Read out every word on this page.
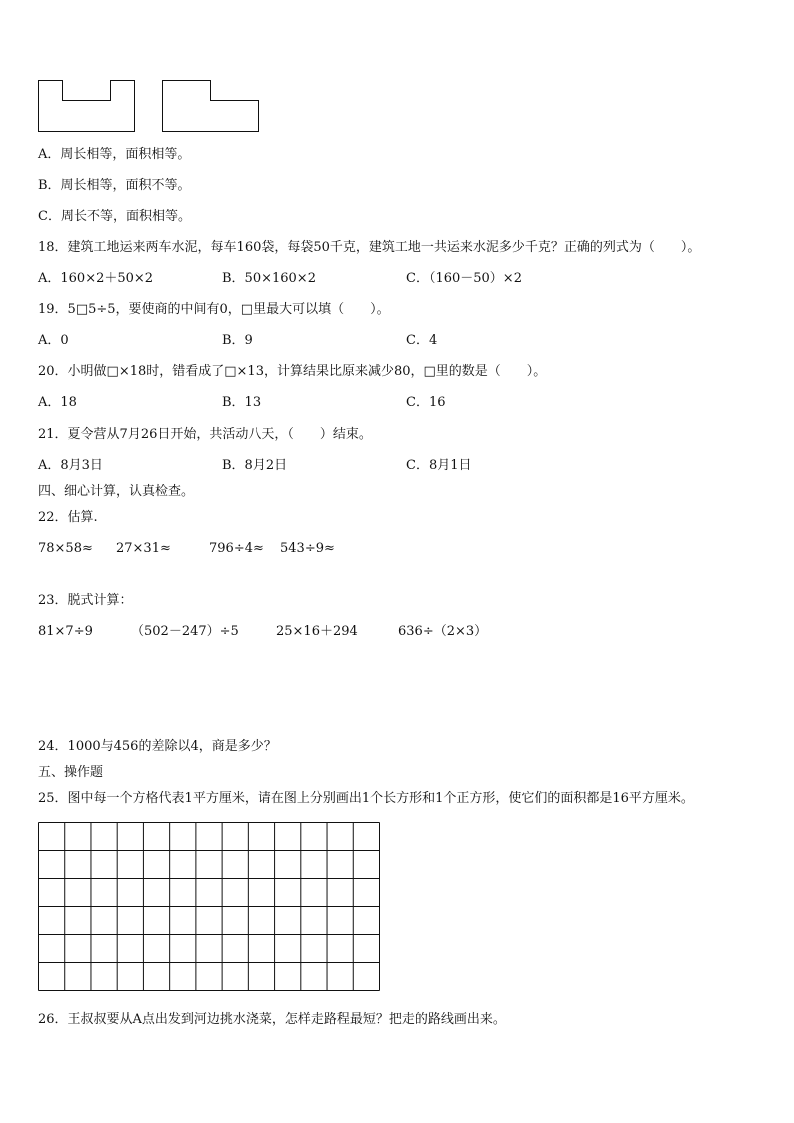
A．周长相等，面积相等。
B．周长相等，面积不等。
C．周长不等，面积相等。
18．建筑工地运来两车水泥，每车160袋，每袋50千克，建筑工地一共运来水泥多少千克？正确的列式为（　　）。
A．160×2＋50×2	B．50×160×2	C．（160－50）×2
19．5□5÷5，要使商的中间有0，□里最大可以填（　　）。
A．0	B．9	C．4
20．小明做□×18时，错看成了□×13，计算结果比原来减少80，□里的数是（　　）。
A．18	B．13	C．16
21．夏令营从7月26日开始，共活动八天，（　　）结束。
A．8月3日	B．8月2日	C．8月1日
四、细心计算，认真检查。
22．估算.
78×58≈ 27×31≈	796÷4≈ 543÷9≈
23．脱式计算：
81×7÷9	（502－247）÷5	25×16＋294	636÷（2×3）
24．1000与456的差除以4，商是多少？
五、操作题
25．图中每一个方格代表1平方厘米，请在图上分别画出1个长方形和1个正方形，使它们的面积都是16平方厘米。
26．王叔叔要从A点出发到河边挑水浇菜，怎样走路程最短？把走的路线画出来。
